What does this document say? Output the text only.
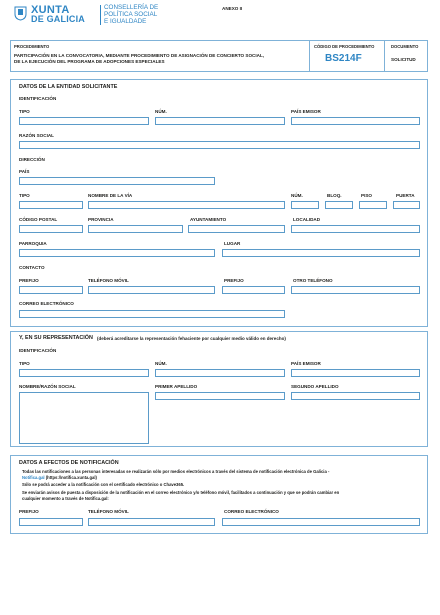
XUNTA
DE GALICIA
CONSELLERÍA DE
POLÍTICA SOCIAL
E IGUALDADE
ANEXO II
PROCEDIMIENTO
PARTICIPACIÓN EN LA CONVOCATORIA, MEDIANTE PROCEDIMIENTO DE ASIGNACIÓN DE CONCIERTO SOCIAL,
DE LA EJECUCIÓN DEL PROGRAMA DE ADOPCIONES ESPECIALES
CÓDIGO DE PROCEDIMIENTO
BS214F
DOCUMENTO
SOLICITUD
DATOS DE LA ENTIDAD SOLICITANTE
IDENTIFICACIÓN
TIPO	NÚM.	PAÍS EMISOR
RAZÓN SOCIAL
DIRECCIÓN
PAÍS
TIPO	NOMBRE DE LA VÍA	NÚM.	BLOQ.	PISO	PUERTA
CÓDIGO POSTAL	PROVINCIA	AYUNTAMIENTO	LOCALIDAD
PARROQUIA	LUGAR
CONTACTO
PREFIJO	TELÉFONO MÓVIL	PREFIJO	OTRO TELÉFONO
CORREO ELECTRÓNICO
Y, EN SU REPRESENTACIÓN (deberá acreditarse la representación fehaciente por cualquier medio válido en derecho)
IDENTIFICACIÓN
TIPO	NÚM.	PAÍS EMISOR
NOMBRE/RAZÓN SOCIAL	PRIMER APELLIDO	SEGUNDO APELLIDO
DATOS A EFECTOS DE NOTIFICACIÓN
Todas las notificaciones a las personas interesadas se realizarán sólo por medios electrónicos a través del sistema de notificación electrónica de Galicia -
Notifica.gal (https://notifica.xunta.gal)
Sólo se podrá acceder a la notificación con el certificado electrónico o Chave365.
Se enviarán avisos de puesta a disposición de la notificación en el correo electrónico y/o teléfono móvil, facilitados a continuación y que se podrán cambiar en
cualquier momento a través de Notifica.gal:
PREFIJO	TELÉFONO MÓVIL	CORREO ELECTRÓNICO
